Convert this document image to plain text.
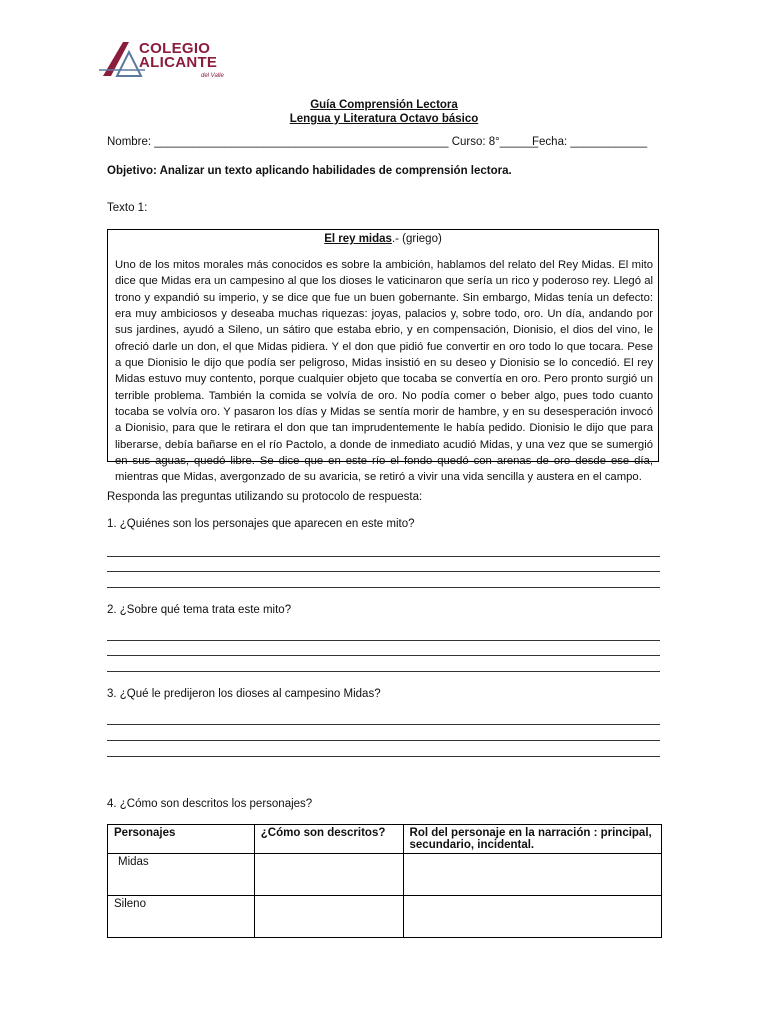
COLEGIO
ALICANTE
del Valle
Guía Comprensión Lectora
Lengua y Literatura Octavo básico
Nombre: ______________________________________________ Curso: 8°______
Fecha: ____________
Objetivo: Analizar un texto aplicando habilidades de comprensión lectora.
Texto 1:
El rey midas.- (griego)
Uno de los mitos morales más conocidos es sobre la ambición, hablamos del relato del Rey Midas. El mito dice que Midas era un campesino al que los dioses le vaticinaron que sería un rico y poderoso rey. Llegó al trono y expandió su imperio, y se dice que fue un buen gobernante. Sin embargo, Midas tenía un defecto: era muy ambiciosos y deseaba muchas riquezas: joyas, palacios y, sobre todo, oro. Un día, andando por sus jardines, ayudó a Sileno, un sátiro que estaba ebrio, y en compensación, Dionisio, el dios del vino, le ofreció darle un don, el que Midas pidiera. Y el don que pidió fue convertir en oro todo lo que tocara. Pese a que Dionisio le dijo que podía ser peligroso, Midas insistió en su deseo y Dionisio se lo concedió. El rey Midas estuvo muy contento, porque cualquier objeto que tocaba se convertía en oro. Pero pronto surgió un terrible problema. También la comida se volvía de oro. No podía comer o beber algo, pues todo cuanto tocaba se volvía oro. Y pasaron los días y Midas se sentía morir de hambre, y en su desesperación invocó a Dionisio, para que le retirara el don que tan imprudentemente le había pedido. Dionisio le dijo que para liberarse, debía bañarse en el río Pactolo, a donde de inmediato acudió Midas, y una vez que se sumergió en sus aguas, quedó libre. Se dice que en este río el fondo quedó con arenas de oro desde ese día, mientras que Midas, avergonzado de su avaricia, se retiró a vivir una vida sencilla y austera en el campo.
Responda las preguntas utilizando su protocolo de respuesta:
1. ¿Quiénes son los personajes que aparecen en este mito?
2. ¿Sobre qué tema trata este mito?
3. ¿Qué le predijeron los dioses al campesino Midas?
4. ¿Cómo son descritos los personajes?
Personajes	¿Cómo son descritos?	Rol del personaje en la narración : principal, secundario, incidental.
Midas		
Sileno		
